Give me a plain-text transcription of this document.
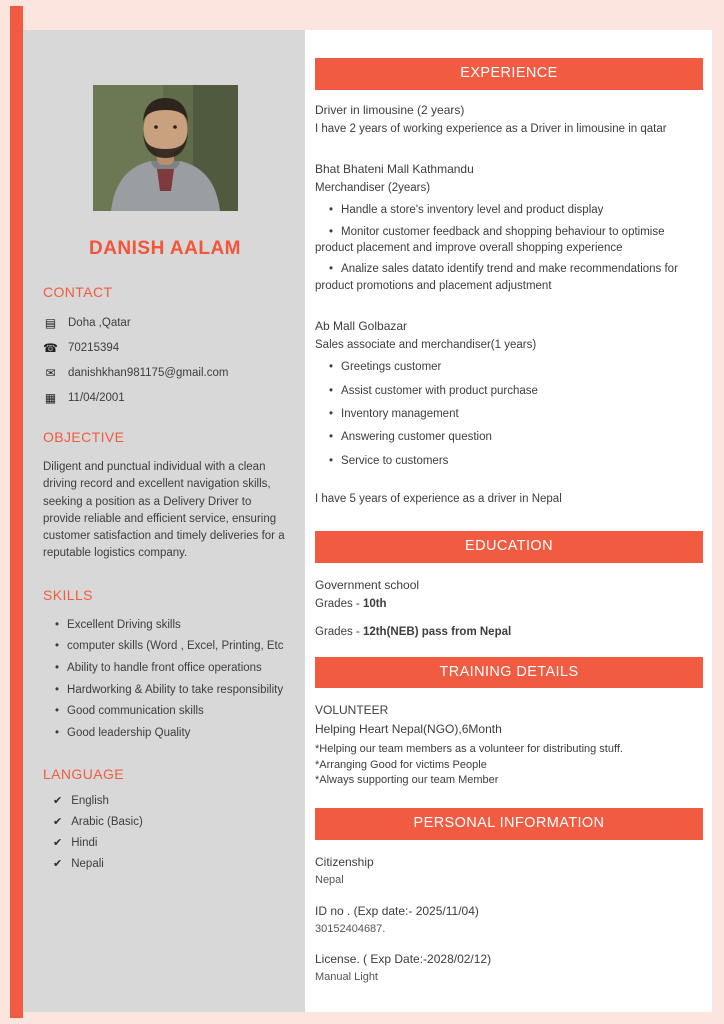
DANISH AALAM
CONTACT
▤ Doha ,Qatar
☎ 70215394
✉ danishkhan981175@gmail.com
▦ 11/04/2001
OBJECTIVE

Diligent and punctual individual with a clean driving record and excellent navigation skills, seeking a position as a Delivery Driver to provide reliable and efficient service, ensuring customer satisfaction and timely deliveries for a reputable logistics company.

SKILLS
• Excellent Driving skills
• computer skills (Word , Excel, Printing, Etc
• Ability to handle front office operations
• Hardworking & Ability to take responsibility
• Good communication skills
• Good leadership Quality
LANGUAGE
✔ English
✔ Arabic (Basic)
✔ Hindi
✔ Nepali
EXPERIENCE

Driver in limousine (2 years)

I have 2 years of working experience as a Driver in limousine in qatar

Bhat Bhateni Mall Kathmandu

Merchandiser (2years)

• Handle a store's inventory level and product display
• Monitor customer feedback and shopping behaviour to optimise product placement and improve overall shopping experience
• Analize sales datato identify trend and make recommendations for product promotions and placement adjustment

Ab Mall Golbazar

Sales associate and merchandiser(1 years)

• Greetings customer
• Assist customer with product purchase
• Inventory management
• Answering customer question
• Service to customers

I have 5 years of experience as a driver in Nepal

EDUCATION

Government school

Grades - 10th

Grades - 12th(NEB) pass from Nepal

TRAINING DETAILS

VOLUNTEER

Helping Heart Nepal(NGO),6Month

*Helping our team members as a volunteer for distributing stuff.

*Arranging Good for victims People

*Always supporting our team Member

PERSONAL INFORMATION

Citizenship

Nepal

ID no . (Exp date:- 2025/11/04)

30152404687.

License. ( Exp Date:-2028/02/12)

Manual Light
